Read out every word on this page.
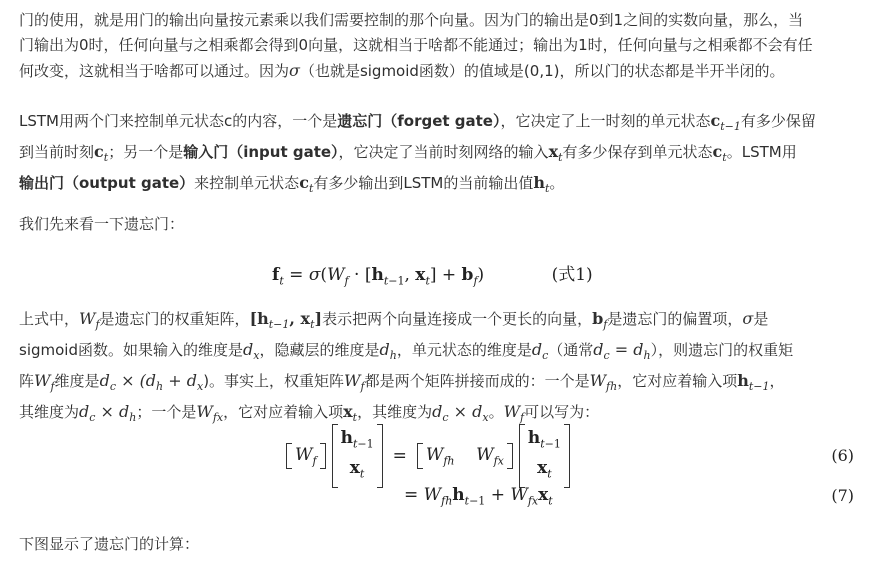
门的使用，就是用门的输出向量按元素乘以我们需要控制的那个向量。因为门的输出是0到1之间的实数向量，那么，当
门输出为0时，任何向量与之相乘都会得到0向量，这就相当于啥都不能通过；输出为1时，任何向量与之相乘都不会有任
何改变，这就相当于啥都可以通过。因为σ（也就是sigmoid函数）的值域是(0,1)，所以门的状态都是半开半闭的。
LSTM用两个门来控制单元状态c的内容，一个是遗忘门（forget gate），它决定了上一时刻的单元状态$c_{t-1}$有多少保留
到当前时刻$c_t$；另一个是输入门（input gate），它决定了当前时刻网络的输入$x_t$有多少保存到单元状态$c_t$。LSTM用
输出门（output gate）来控制单元状态$c_t$有多少输出到LSTM的当前输出值$h_t$。
我们先来看一下遗忘门：
$f_t = \sigma(W_f \cdot [h_{t-1}$, $x_t] + b_f$)	(式1)
上式中，$W_f$是遗忘门的权重矩阵，[$h_{t-1}$, $x_t$]表示把两个向量连接成一个更长的向量，$b_f$是遗忘门的偏置项，σ是
sigmoid函数。如果输入的维度是$d_x$，隐藏层的维度是$d_h$，单元状态的维度是$d_c$（通常$d_c = d_h$），则遗忘门的权重矩
阵$W_f$维度是$d_c \times (d_h + d_x)$。事实上，权重矩阵$W_f$都是两个矩阵拼接而成的：一个是$W_{fh}$，它对应着输入项$h_{t-1}$，
其维度为$d_c \times d_h$；一个是$W_{fx}$，它对应着输入项$x_t$，其维度为$d_c \times d_x$。$W_f$可以写为：
$W_f$
$h_{t-1}$
$x_t$
=	$W_{fh}$ $W_{fx}$
$h_{t-1}$
$x_t$
(6)
= $W_{fh}h_{t-1} + W_{fx}x_t$	(7)
下图显示了遗忘门的计算：
